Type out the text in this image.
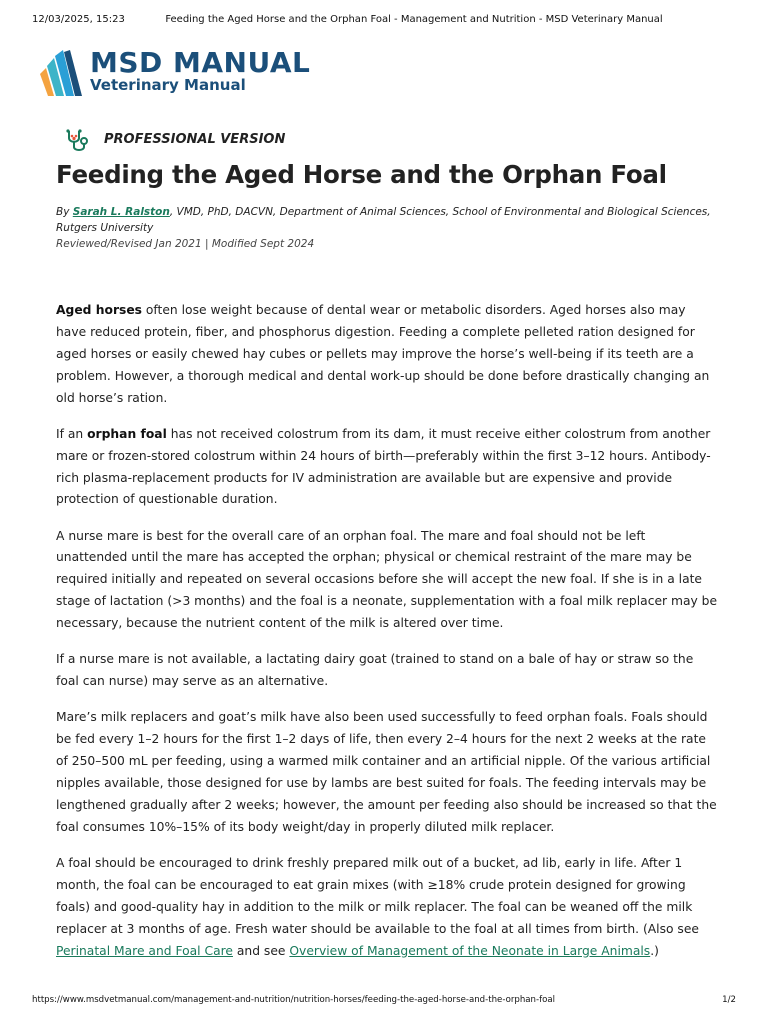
12/03/2025, 15:23	Feeding the Aged Horse and the Orphan Foal - Management and Nutrition - MSD Veterinary Manual
MSD MANUAL
Veterinary Manual
PROFESSIONAL VERSION
Feeding the Aged Horse and the Orphan Foal
By Sarah L. Ralston, VMD, PhD, DACVN, Department of Animal Sciences, School of Environmental and Biological Sciences, Rutgers University
Reviewed/Revised Jan 2021 | Modified Sept 2024

Aged horses often lose weight because of dental wear or metabolic disorders. Aged horses also may have reduced protein, fiber, and phosphorus digestion. Feeding a complete pelleted ration designed for aged horses or easily chewed hay cubes or pellets may improve the horse’s well-being if its teeth are a problem. However, a thorough medical and dental work-up should be done before drastically changing an old horse’s ration.

If an orphan foal has not received colostrum from its dam, it must receive either colostrum from another mare or frozen-stored colostrum within 24 hours of birth—preferably within the first 3–12 hours. Antibody-rich plasma-replacement products for IV administration are available but are expensive and provide protection of questionable duration.

A nurse mare is best for the overall care of an orphan foal. The mare and foal should not be left unattended until the mare has accepted the orphan; physical or chemical restraint of the mare may be required initially and repeated on several occasions before she will accept the new foal. If she is in a late stage of lactation (>3 months) and the foal is a neonate, supplementation with a foal milk replacer may be necessary, because the nutrient content of the milk is altered over time.

If a nurse mare is not available, a lactating dairy goat (trained to stand on a bale of hay or straw so the foal can nurse) may serve as an alternative.

Mare’s milk replacers and goat’s milk have also been used successfully to feed orphan foals. Foals should be fed every 1–2 hours for the first 1–2 days of life, then every 2–4 hours for the next 2 weeks at the rate of 250–500 mL per feeding, using a warmed milk container and an artificial nipple. Of the various artificial nipples available, those designed for use by lambs are best suited for foals. The feeding intervals may be lengthened gradually after 2 weeks; however, the amount per feeding also should be increased so that the foal consumes 10%–15% of its body weight/day in properly diluted milk replacer.

A foal should be encouraged to drink freshly prepared milk out of a bucket, ad lib, early in life. After 1 month, the foal can be encouraged to eat grain mixes (with ≥18% crude protein designed for growing foals) and good-quality hay in addition to the milk or milk replacer. The foal can be weaned off the milk replacer at 3 months of age. Fresh water should be available to the foal at all times from birth. (Also see Perinatal Mare and Foal Care and see Overview of Management of the Neonate in Large Animals.)

https://www.msdvetmanual.com/management-and-nutrition/nutrition-horses/feeding-the-aged-horse-and-the-orphan-foal	1/2
